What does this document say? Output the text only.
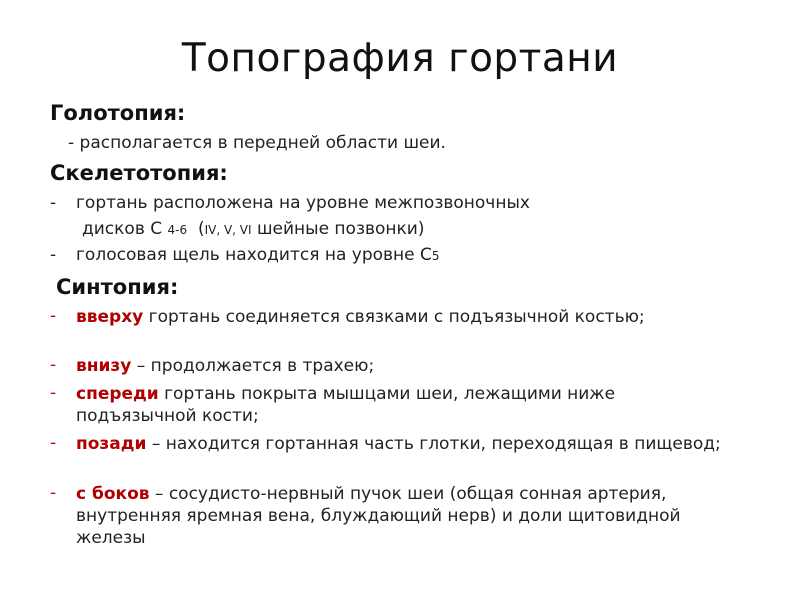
Топография гортани
Голотопия:
- располагается в передней области шеи.
Скелетотопия:
- гортань расположена на уровне межпозвоночных
дисков С 4-6 (IV, V, VI шейные позвонки)
- голосовая щель находится на уровне С5
Синтопия:
- вверху гортань соединяется связками с подъязычной костью;
- внизу – продолжается в трахею;
- спереди гортань покрыта мышцами шеи, лежащими ниже подъязычной кости;
- позади – находится гортанная часть глотки, переходящая в пищевод;
- с боков – сосудисто-нервный пучок шеи (общая сонная артерия, внутренняя яремная вена, блуждающий нерв) и доли щитовидной железы
